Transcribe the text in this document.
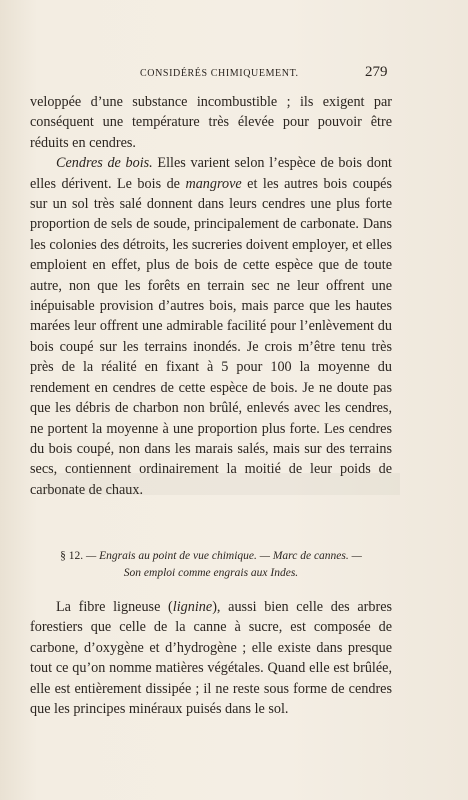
CONSIDÉRÉS CHIMIQUEMENT.	279

veloppée d’une substance incombustible ; ils exigent par conséquent une température très élevée pour pouvoir être réduits en cendres.

Cendres de bois. Elles varient selon l’espèce de bois dont elles dérivent. Le bois de mangrove et les autres bois coupés sur un sol très salé donnent dans leurs cendres une plus forte proportion de sels de soude, principalement de carbonate. Dans les colonies des détroits, les sucreries doivent employer, et elles emploient en effet, plus de bois de cette espèce que de toute autre, non que les forêts en terrain sec ne leur offrent une inépuisable provision d’autres bois, mais parce que les hautes marées leur offrent une admirable facilité pour l’enlèvement du bois coupé sur les terrains inondés. Je crois m’être tenu très près de la réalité en fixant à 5 pour 100 la moyenne du rendement en cendres de cette espèce de bois. Je ne doute pas que les débris de charbon non brûlé, enlevés avec les cendres, ne portent la moyenne à une proportion plus forte. Les cendres du bois coupé, non dans les marais salés, mais sur des terrains secs, contiennent ordinairement la moitié de leur poids de carbonate de chaux.

§ 12. — Engrais au point de vue chimique. — Marc de cannes. —
Son emploi comme engrais aux Indes.

La fibre ligneuse (lignine), aussi bien celle des arbres forestiers que celle de la canne à sucre, est composée de carbone, d’oxygène et d’hydrogène ; elle existe dans presque tout ce qu’on nomme matières végétales. Quand elle est brûlée, elle est entièrement dissipée ; il ne reste sous forme de cendres que les principes minéraux puisés dans le sol.
